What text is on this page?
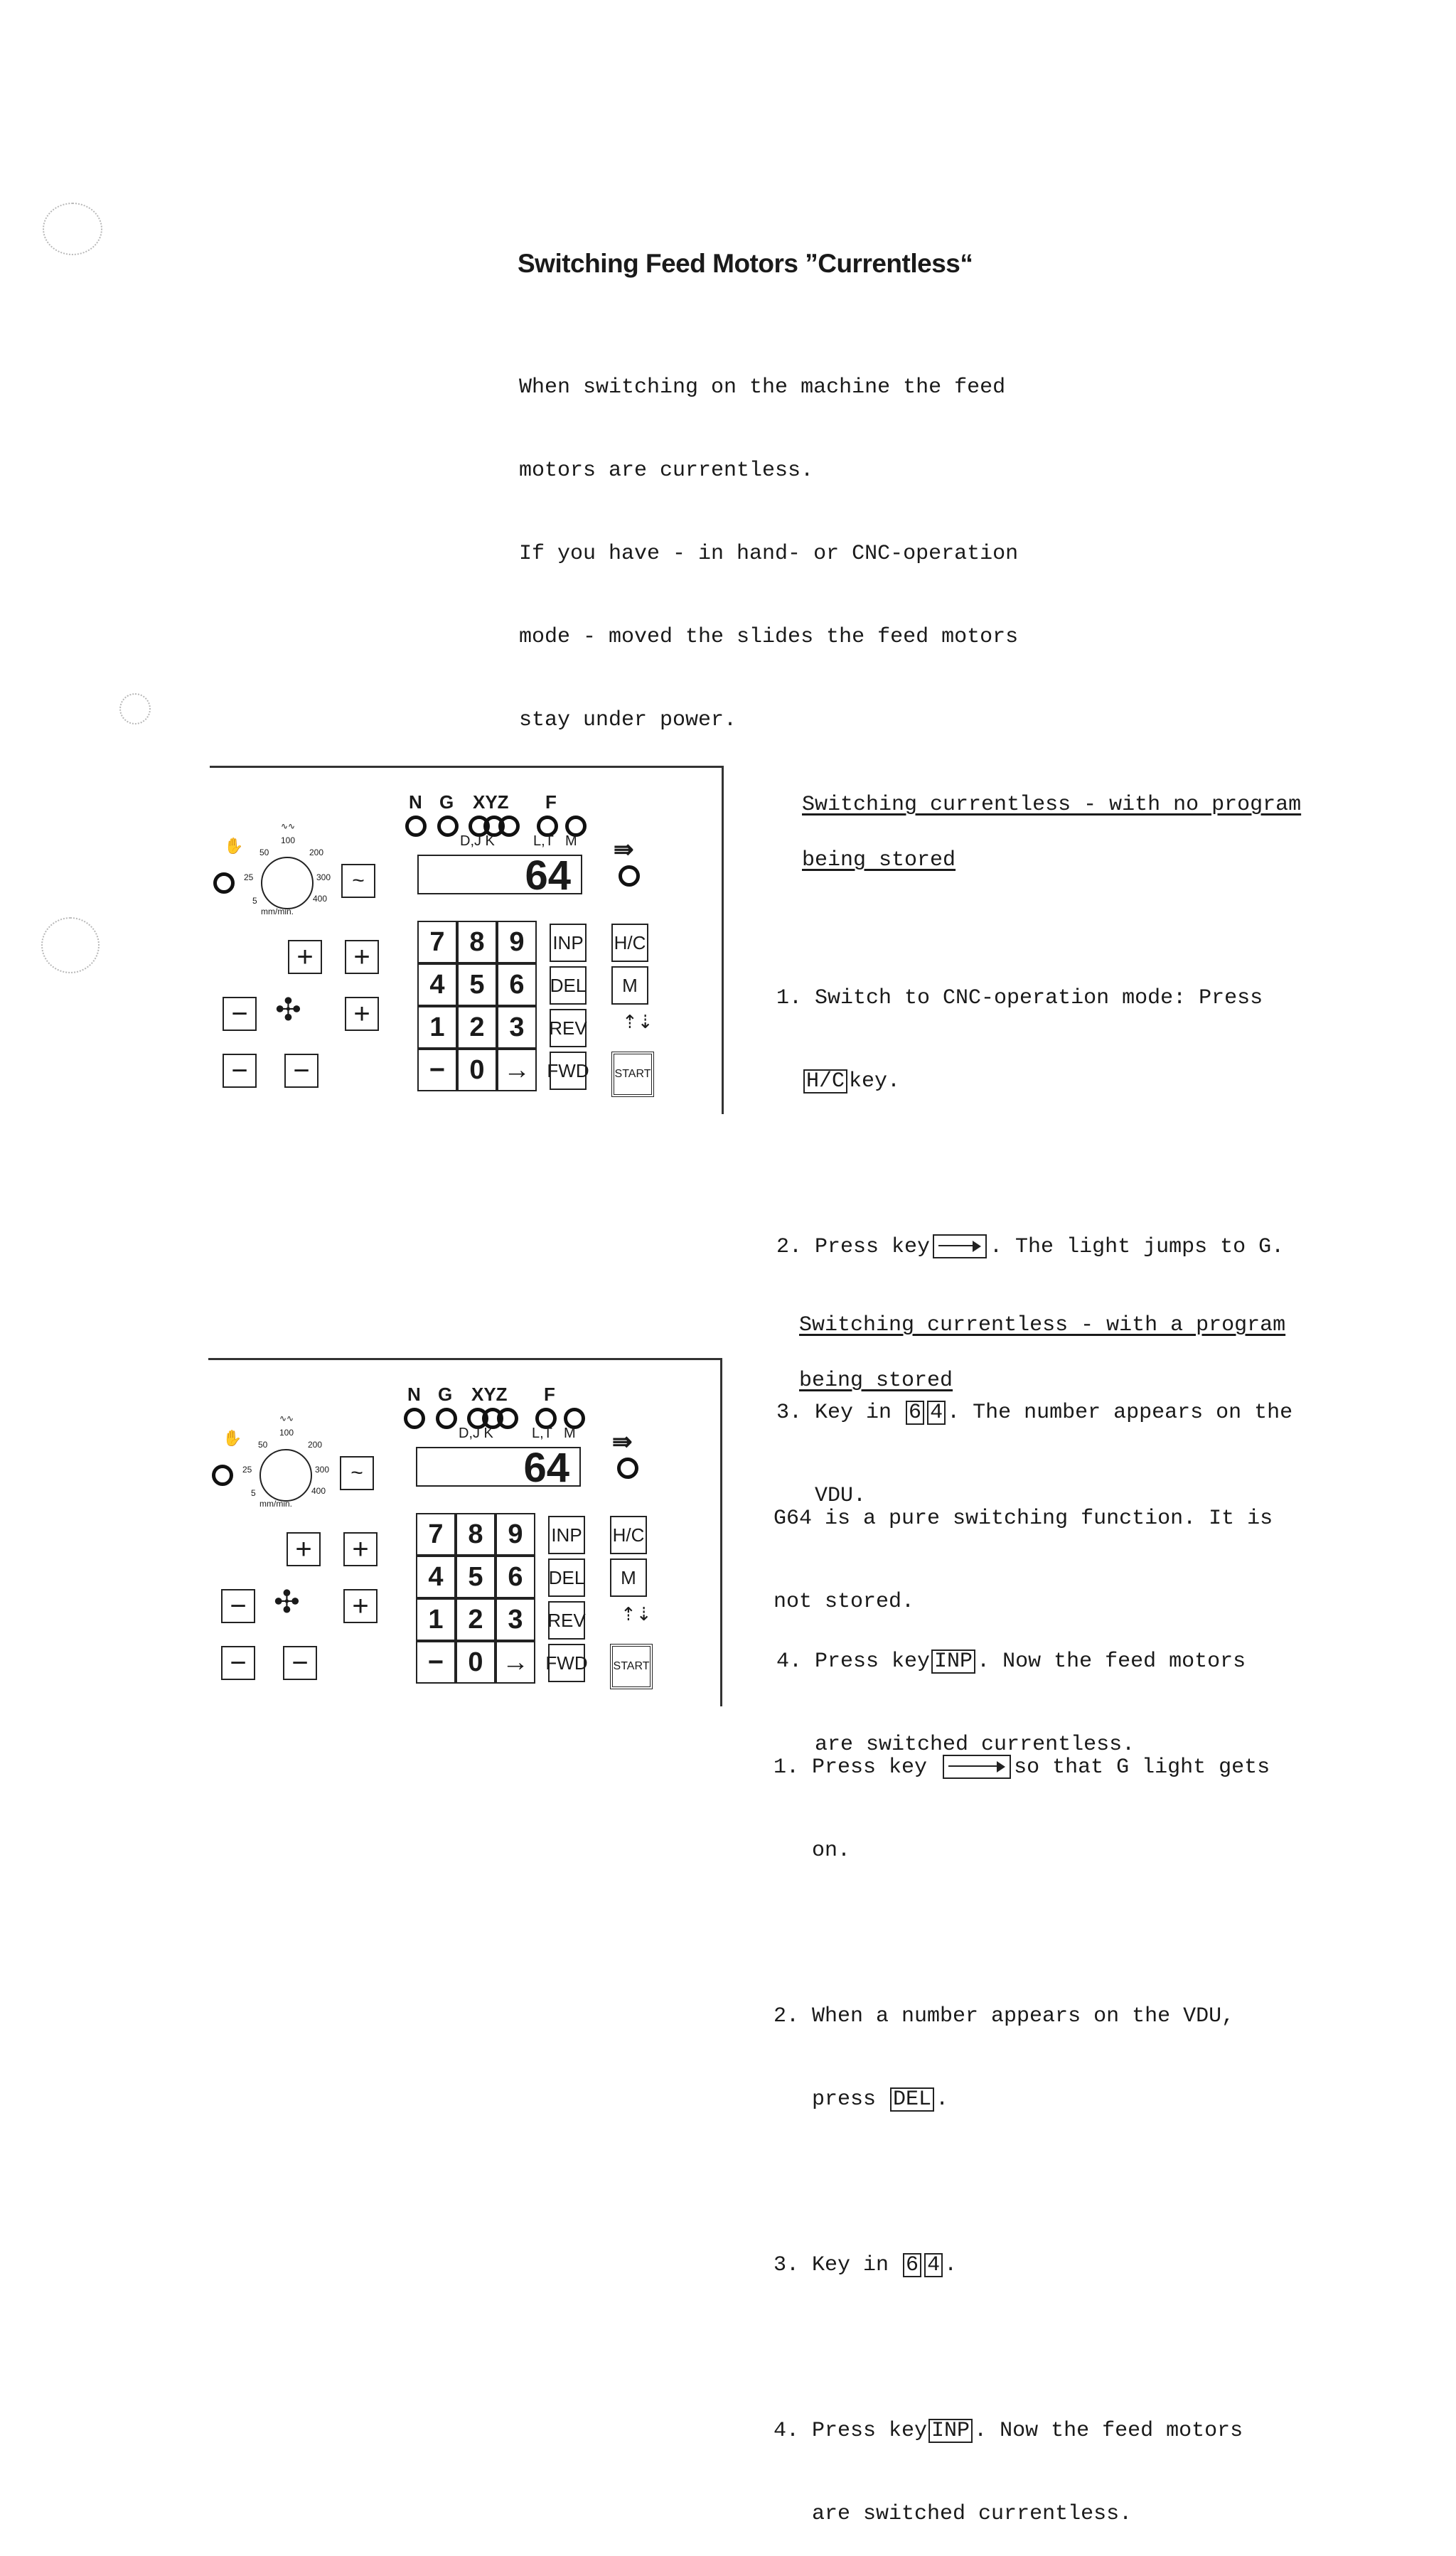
Switching Feed Motors ”Currentless“

When switching on the machine the feed

motors are currentless.

If you have - in hand- or CNC-operation

mode - moved the slides the feed motors

stay under power.

N G XYZ F
D,J K	L,T M ⇛
64
✋
∿∿
50
100
200
300
400
25
5
mm/min.
~
+	+
− ✣	+
−	−
7 8 9
4 5 6
1 2 3
− 0 →
INP
DEL
REV
FWD
H/C
M
⇡⇣
START
N G XYZ F
D,J K	L,T M ⇛
64
✋
∿∿
50
100
200
300
400
25
5
mm/min.
~
+	+
− ✣	+
−	−
7 8 9
4 5 6
1 2 3
− 0 →
INP
DEL
REV
FWD
H/C
M
⇡⇣
START

Switching currentless - with no program

being stored

1. Switch to CNC-operation mode: Press

H/C key.

2. Press key	. The light jumps to G.

3. Key in 6 4 . The number appears on the

VDU.

4. Press key INP . Now the feed motors

are switched currentless.

Switching currentless - with a program

being stored

G64 is a pure switching function. It is

not stored.

1. Press key	so that G light gets

on.

2. When a number appears on the VDU,

press DEL .

3. Key in 6 4 .

4. Press key INP . Now the feed motors

are switched currentless.
